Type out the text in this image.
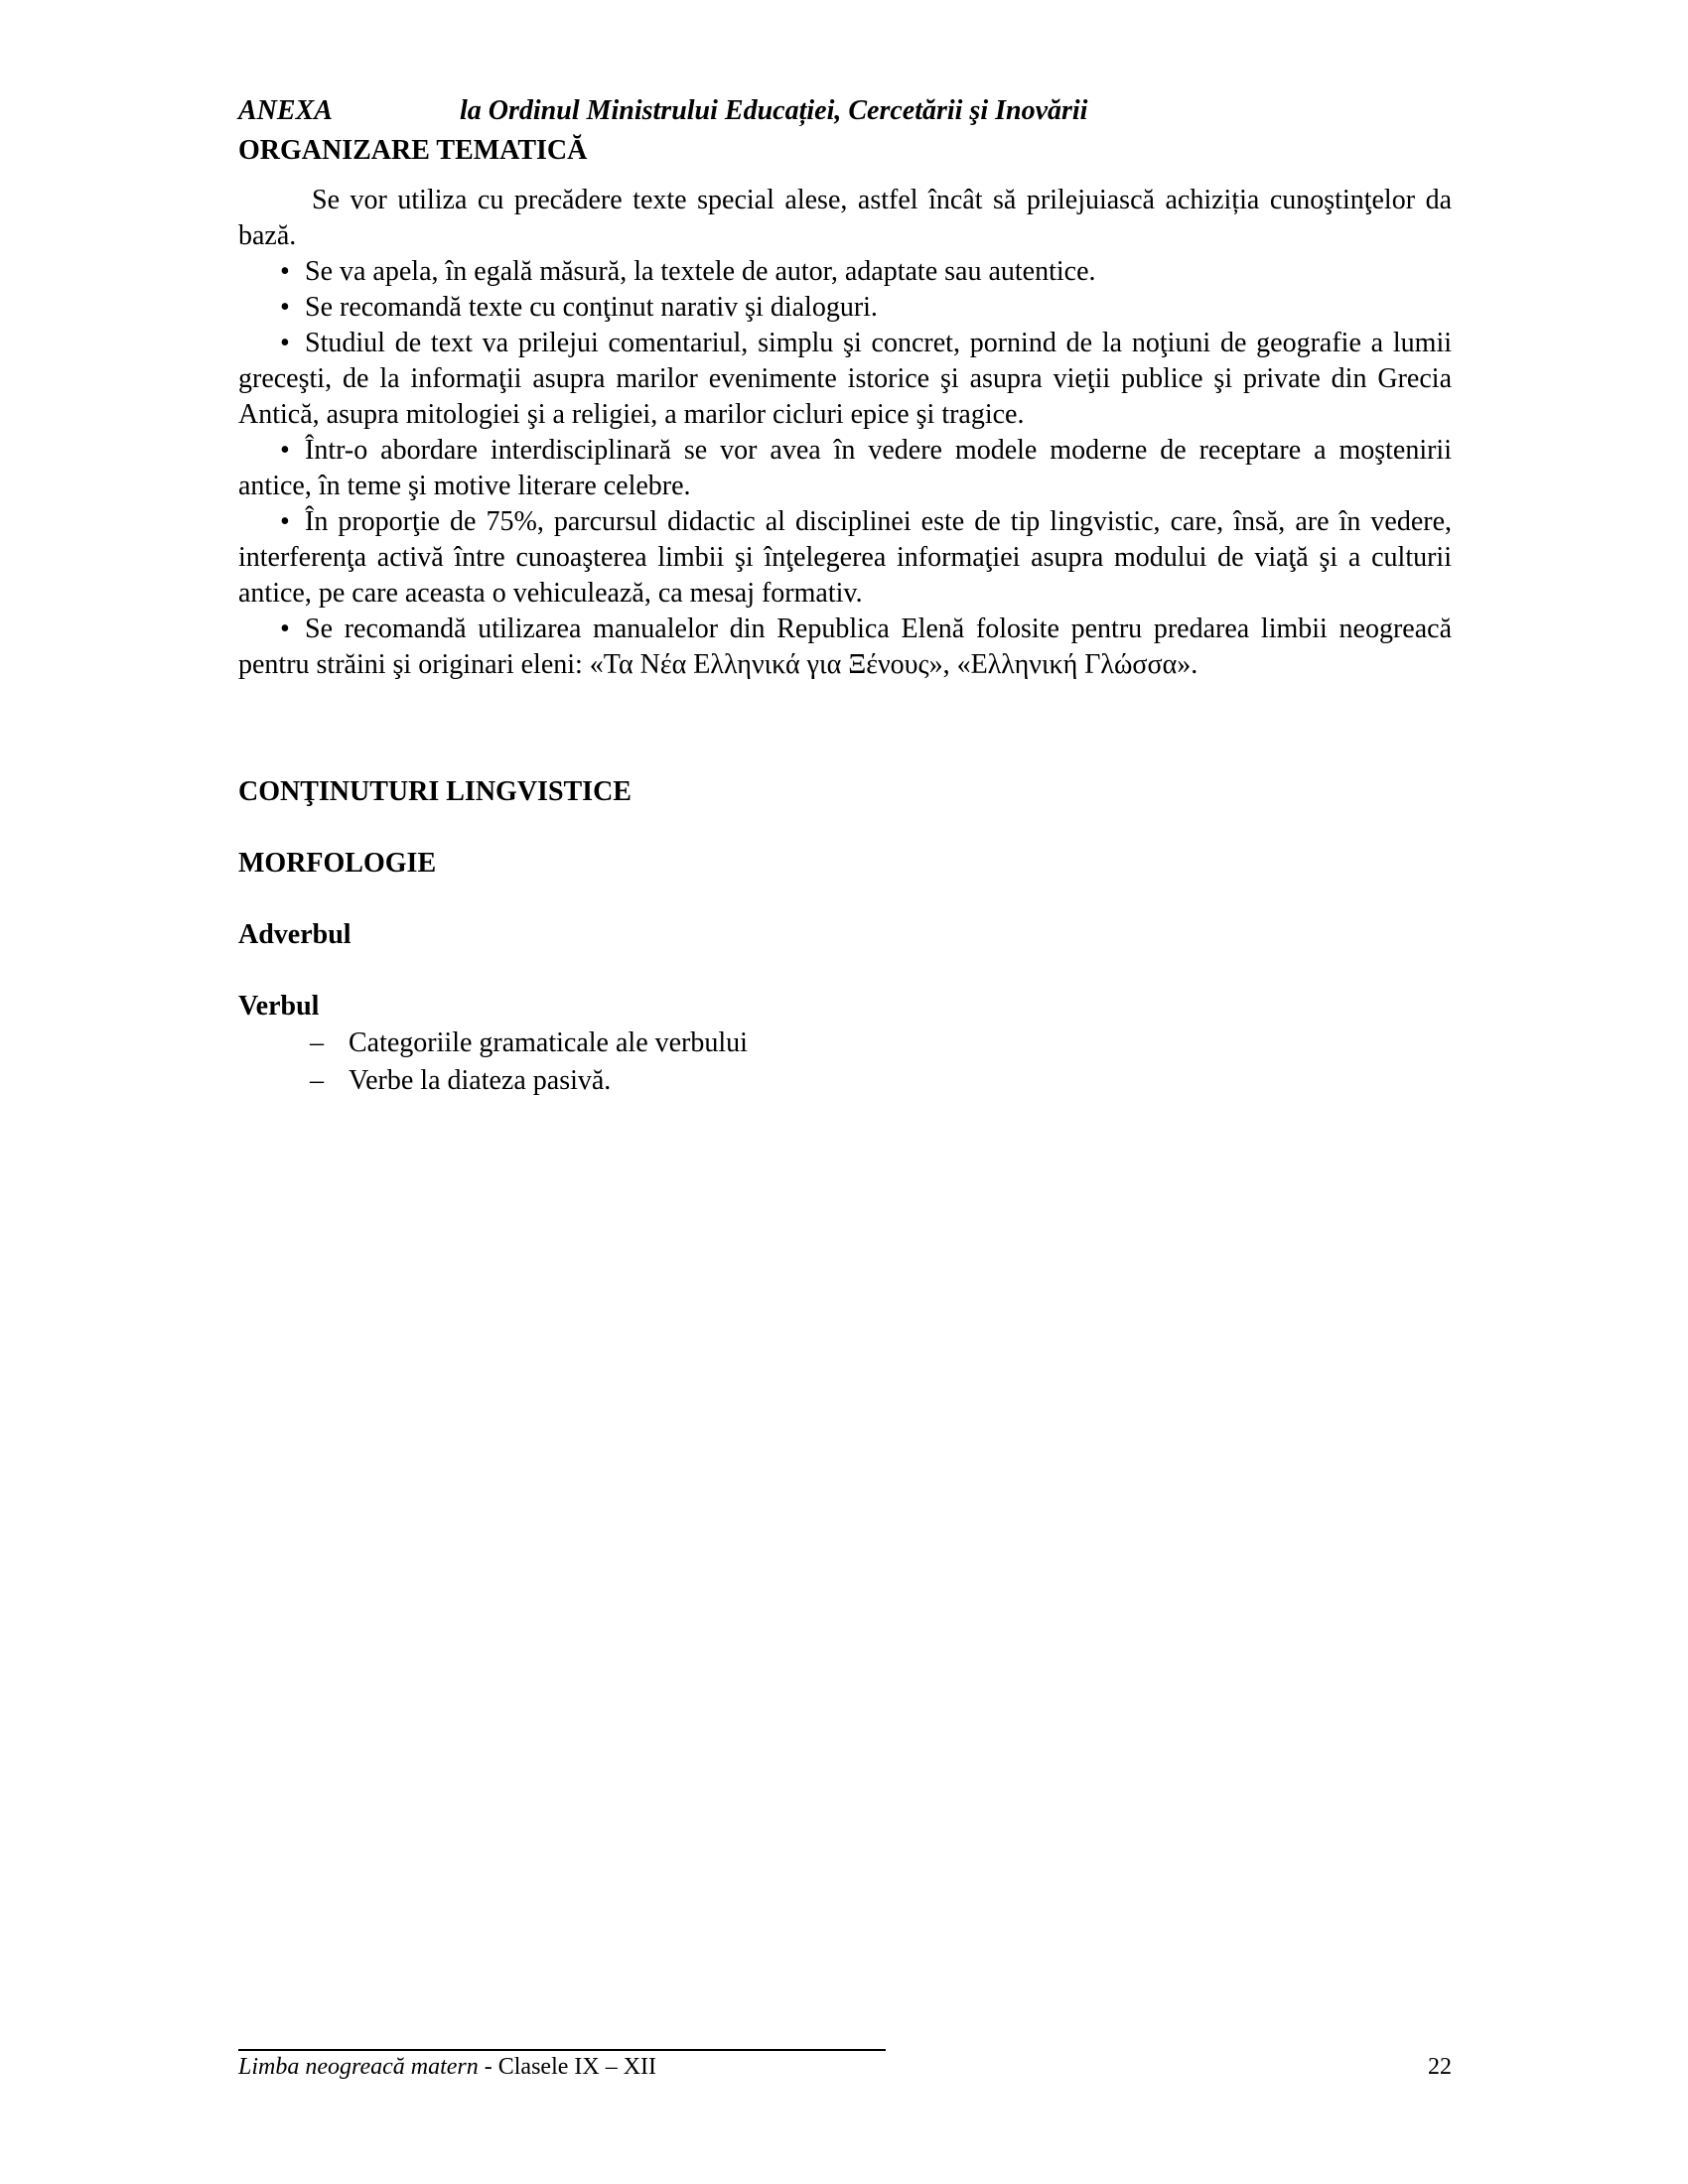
ANEXA	la Ordinul Ministrului Educației, Cercetării şi Inovării
ORGANIZARE TEMATICĂ

Se vor utiliza cu precădere texte special alese, astfel încât să prilejuiască achiziția cunoştinţelor da bază.

• Se va apela, în egală măsură, la textele de autor, adaptate sau autentice.
• Se recomandă texte cu conţinut narativ şi dialoguri.
• Studiul de text va prilejui comentariul, simplu şi concret, pornind de la noţiuni de geografie a lumii greceşti, de la informaţii asupra marilor evenimente istorice şi asupra vieţii publice şi private din Grecia Antică, asupra mitologiei şi a religiei, a marilor cicluri epice şi tragice.
• Într-o abordare interdisciplinară se vor avea în vedere modele moderne de receptare a moştenirii antice, în teme şi motive literare celebre.
• În proporţie de 75%, parcursul didactic al disciplinei este de tip lingvistic, care, însă, are în vedere, interferenţa activă între cunoaşterea limbii şi înţelegerea informaţiei asupra modului de viaţă şi a culturii antice, pe care aceasta o vehiculează, ca mesaj formativ.
• Se recomandă utilizarea manualelor din Republica Elenă folosite pentru predarea limbii neogreacă pentru străini şi originari eleni: «Τα Νέα Ελληνικά για Ξένους», «Ελληνική Γλώσσα».
CONŢINUTURI LINGVISTICE
MORFOLOGIE
Adverbul
Verbul
– Categoriile gramaticale ale verbului
– Verbe la diateza pasivă.
Limba neogreacă matern - Clasele IX – XII	22
